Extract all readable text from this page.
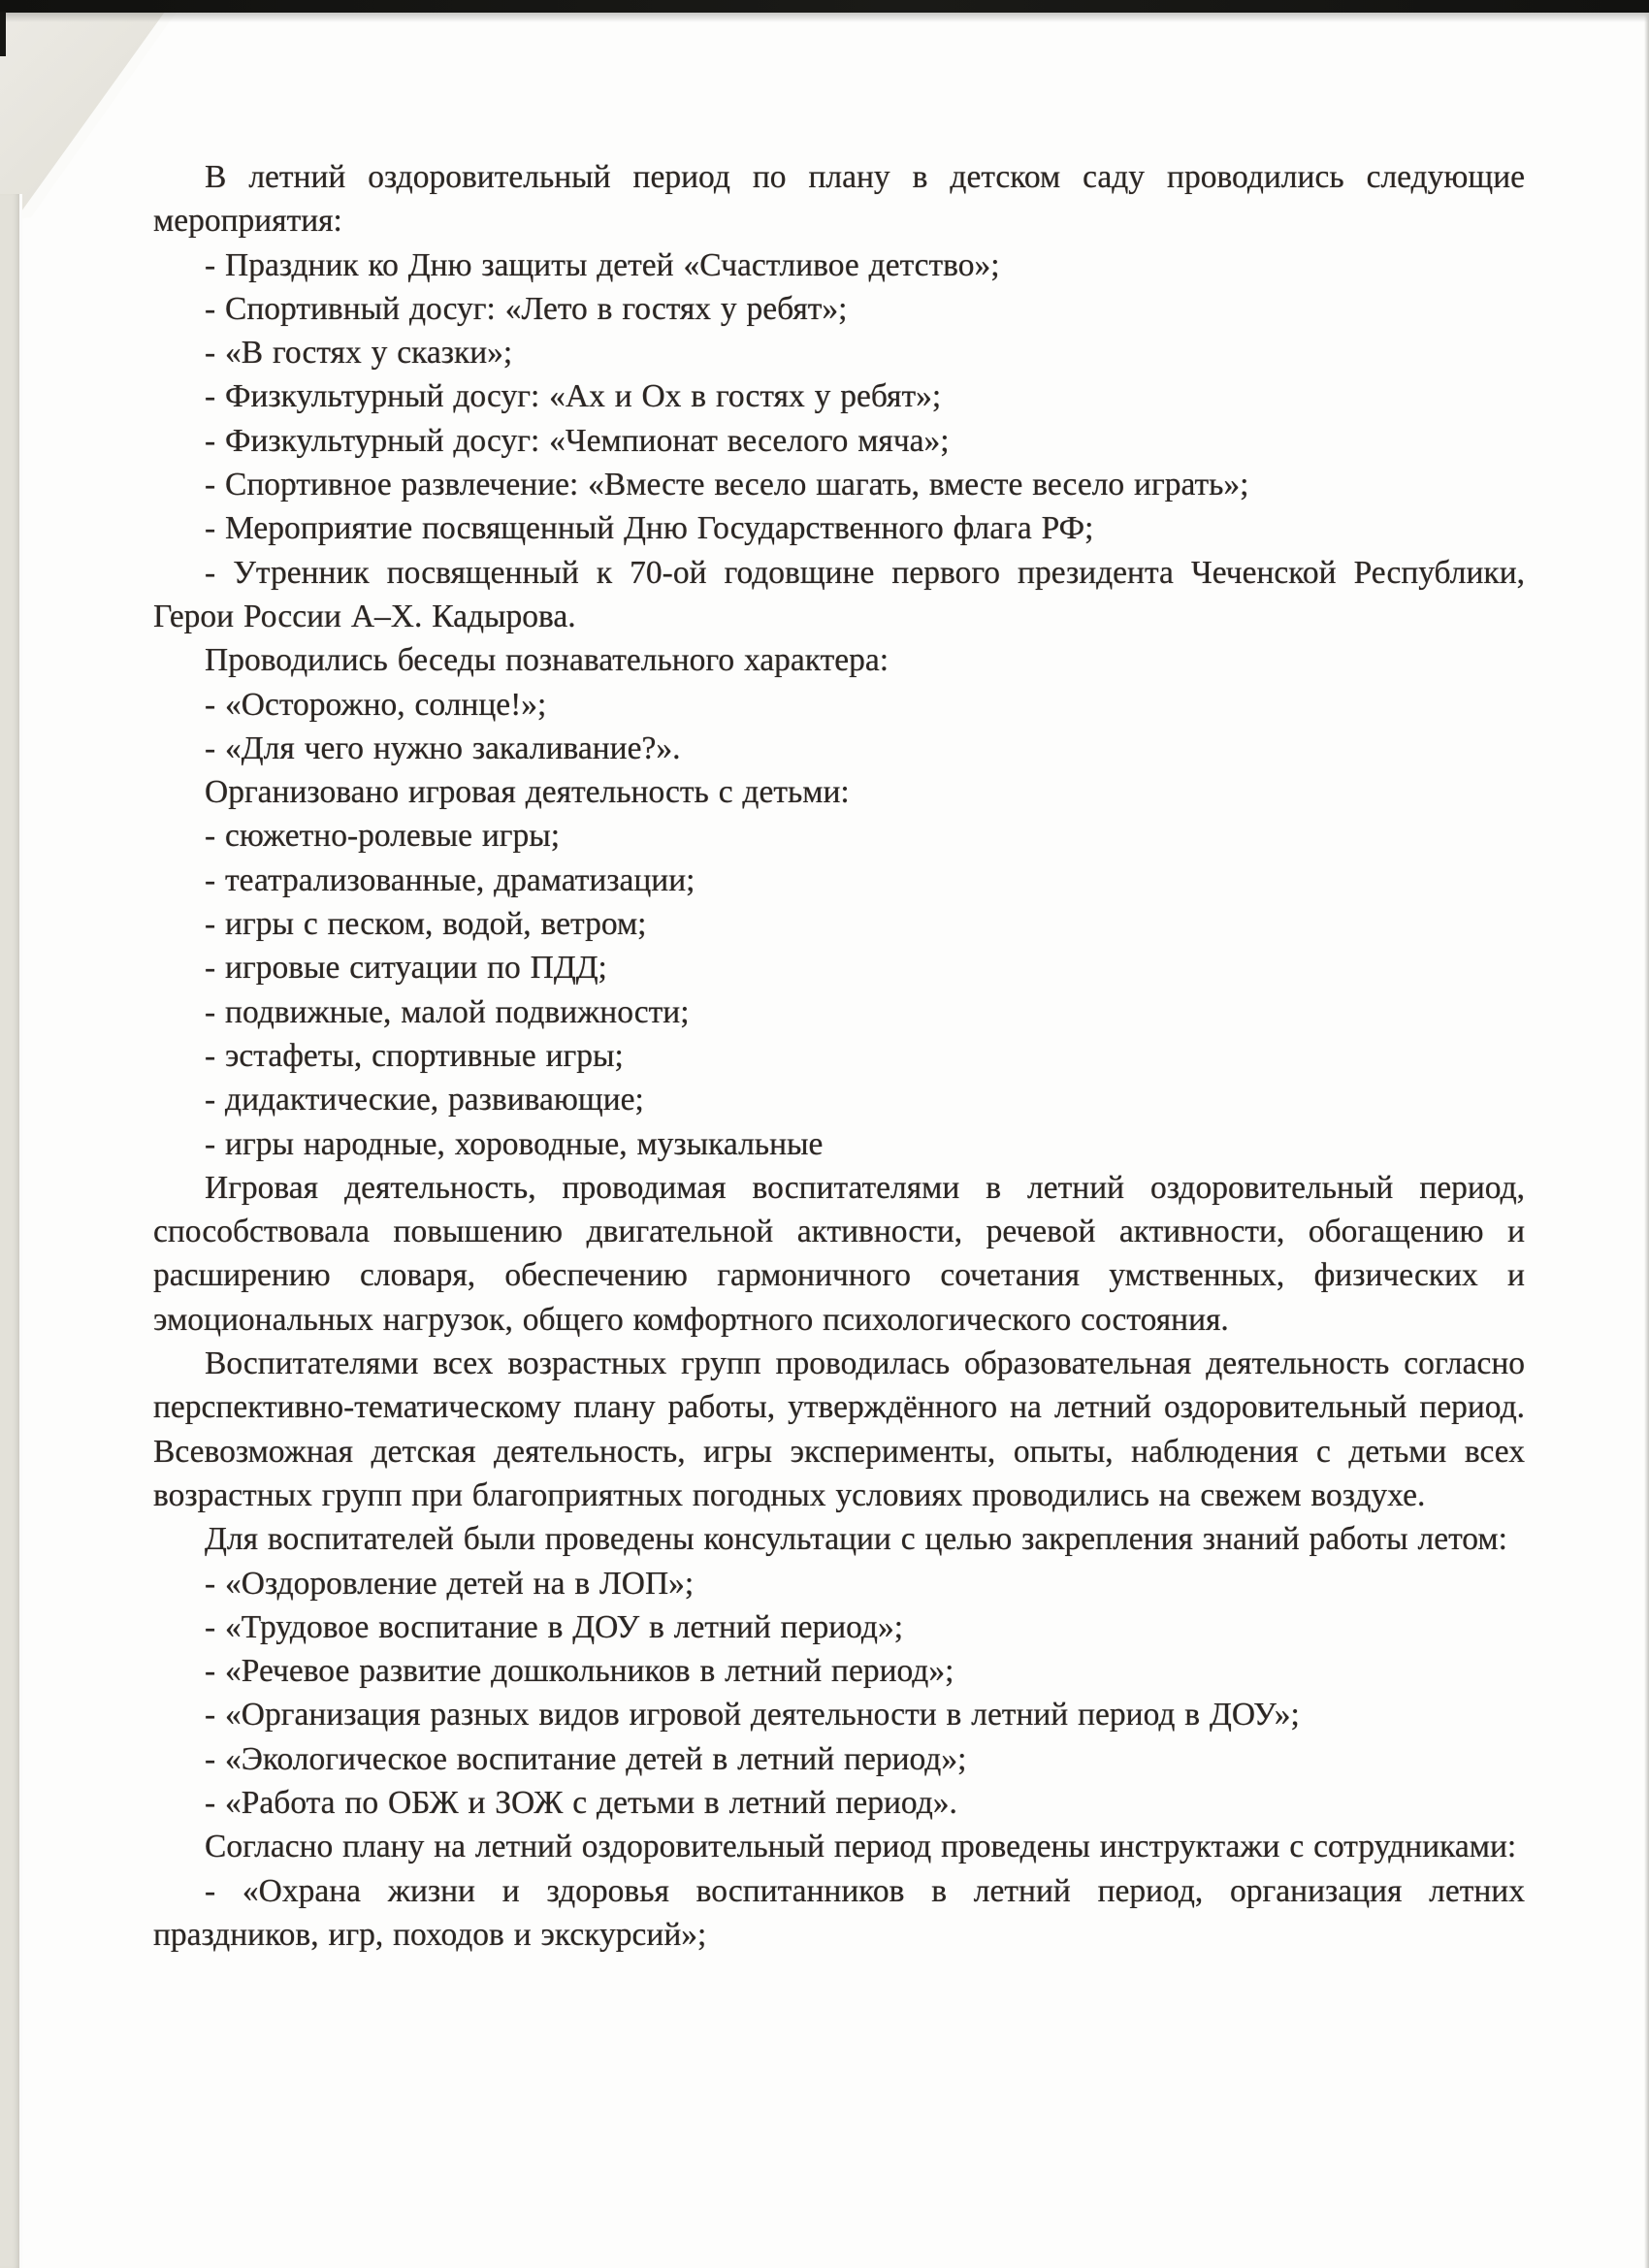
В летний оздоровительный период по плану в детском саду проводились следующие мероприятия:

- Праздник ко Дню защиты детей «Счастливое детство»;

- Спортивный досуг: «Лето в гостях у ребят»;

- «В гостях у сказки»;

- Физкультурный досуг: «Ах и Ох в гостях у ребят»;

- Физкультурный досуг: «Чемпионат веселого мяча»;

- Спортивное развлечение: «Вместе весело шагать, вместе весело играть»;

- Мероприятие посвященный Дню Государственного флага РФ;

- Утренник посвященный к 70-ой годовщине первого президента Чеченской Республики, Герои России А–Х. Кадырова.

Проводились беседы познавательного характера:

- «Осторожно, солнце!»;

- «Для чего нужно закаливание?».

Организовано игровая деятельность с детьми:

- сюжетно-ролевые игры;

- театрализованные, драматизации;

- игры с песком, водой, ветром;

- игровые ситуации по ПДД;

- подвижные, малой подвижности;

- эстафеты, спортивные игры;

- дидактические, развивающие;

- игры народные, хороводные, музыкальные

Игровая деятельность, проводимая воспитателями в летний оздоровительный период, способствовала повышению двигательной активности, речевой активности, обогащению и расширению словаря, обеспечению гармоничного сочетания умственных, физических и эмоциональных нагрузок, общего комфортного психологического состояния.

Воспитателями всех возрастных групп проводилась образовательная деятельность согласно перспективно-тематическому плану работы, утверждённого на летний оздоровительный период. Всевозможная детская деятельность, игры эксперименты, опыты, наблюдения с детьми всех возрастных групп при благоприятных погодных условиях проводились на свежем воздухе.

Для воспитателей были проведены консультации с целью закрепления знаний работы летом:

- «Оздоровление детей на в ЛОП»;

- «Трудовое воспитание в ДОУ в летний период»;

- «Речевое развитие дошкольников в летний период»;

- «Организация разных видов игровой деятельности в летний период в ДОУ»;

- «Экологическое воспитание детей в летний период»;

- «Работа по ОБЖ и ЗОЖ с детьми в летний период».

Согласно плану на летний оздоровительный период проведены инструктажи с сотрудниками:

- «Охрана жизни и здоровья воспитанников в летний период, организация летних праздников, игр, походов и экскурсий»;
